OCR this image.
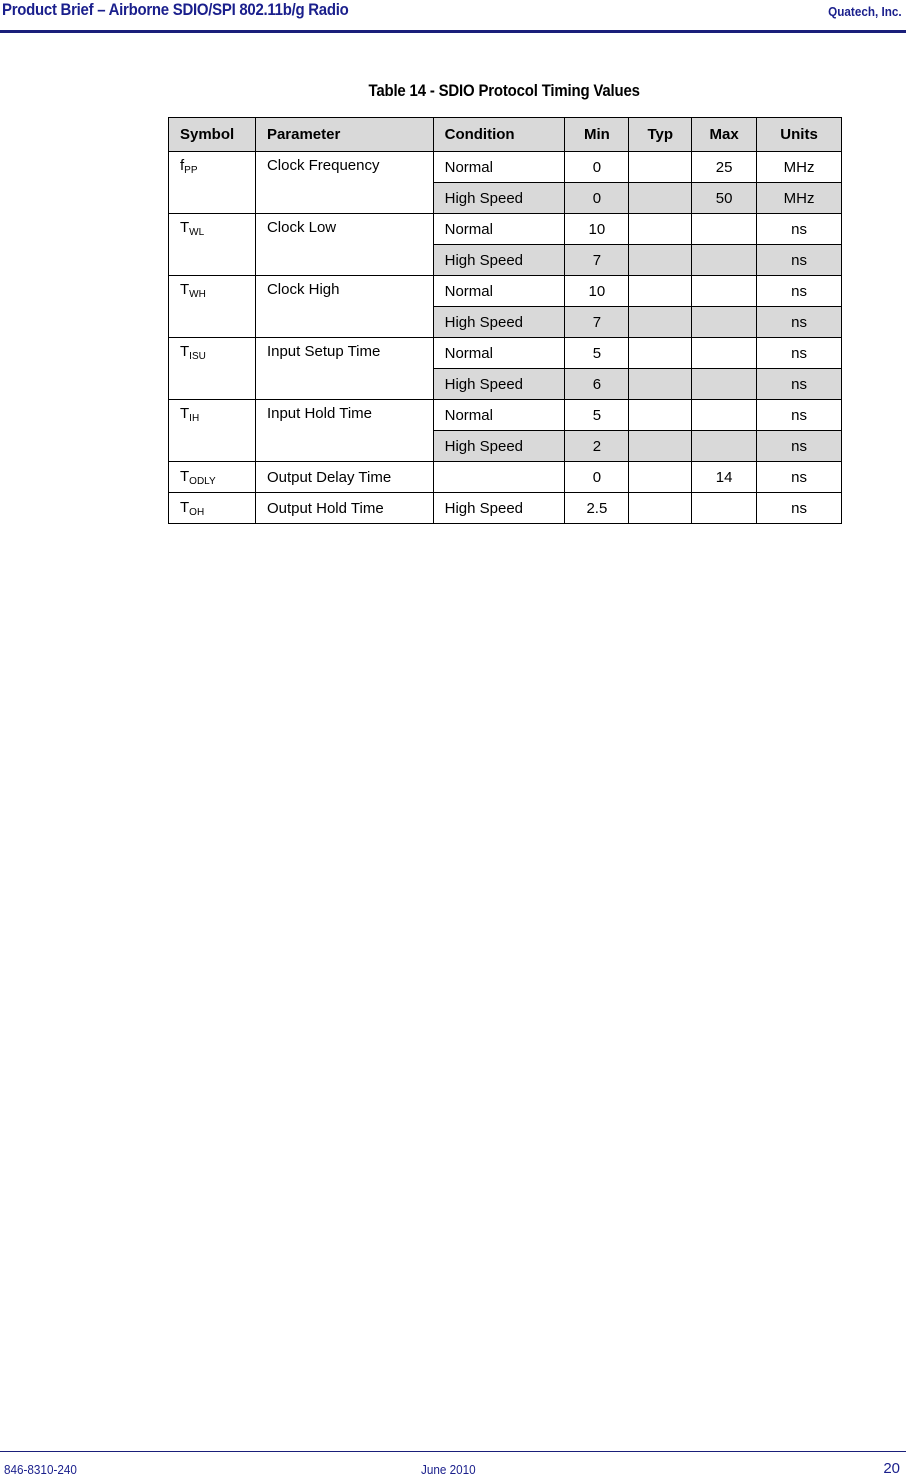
Product Brief – Airborne SDIO/SPI 802.11b/g Radio	Quatech, Inc.
Table 14 - SDIO Protocol Timing Values
Symbol	Parameter	Condition	Min	Typ	Max	Units
$f_{PP}$	Clock Frequency	Normal	0		25	MHz
		High Speed	0		50	MHz
$T_{WL}$	Clock Low	Normal	10			ns
		High Speed	7			ns
$T_{WH}$	Clock High	Normal	10			ns
		High Speed	7			ns
$T_{ISU}$	Input Setup Time	Normal	5			ns
		High Speed	6			ns
$T_{IH}$	Input Hold Time	Normal	5			ns
		High Speed	2			ns
$T_{ODLY}$	Output Delay Time		0		14	ns
$T_{OH}$	Output Hold Time	High Speed	2.5			ns
846-8310-240	June 2010	20
